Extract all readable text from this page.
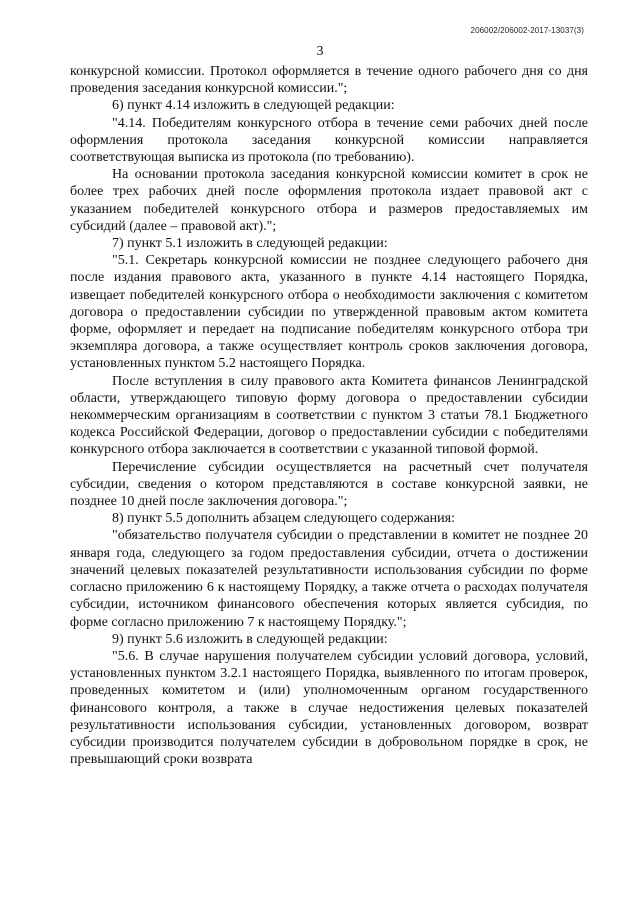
206002/206002-2017-13037(3)
3

конкурсной комиссии. Протокол оформляется в течение одного рабочего дня со дня проведения заседания конкурсной комиссии.";

6) пункт 4.14 изложить в следующей редакции:

"4.14. Победителям конкурсного отбора в течение семи рабочих дней после оформления протокола заседания конкурсной комиссии направляется соответствующая выписка из протокола (по требованию).

На основании протокола заседания конкурсной комиссии комитет в срок не более трех рабочих дней после оформления протокола издает правовой акт с указанием победителей конкурсного отбора и размеров предоставляемых им субсидий (далее – правовой акт).";

7) пункт 5.1 изложить в следующей редакции:

"5.1. Секретарь конкурсной комиссии не позднее следующего рабочего дня после издания правового акта, указанного в пункте 4.14 настоящего Порядка, извещает победителей конкурсного отбора о необходимости заключения с комитетом договора о предоставлении субсидии по утвержденной правовым актом комитета форме, оформляет и передает на подписание победителям конкурсного отбора три экземпляра договора, а также осуществляет контроль сроков заключения договора, установленных пунктом 5.2 настоящего Порядка.

После вступления в силу правового акта Комитета финансов Ленинградской области, утверждающего типовую форму договора о предоставлении субсидии некоммерческим организациям в соответствии с пунктом 3 статьи 78.1 Бюджетного кодекса Российской Федерации, договор о предоставлении субсидии с победителями конкурсного отбора заключается в соответствии с указанной типовой формой.

Перечисление субсидии осуществляется на расчетный счет получателя субсидии, сведения о котором представляются в составе конкурсной заявки, не позднее 10 дней после заключения договора.";

8) пункт 5.5 дополнить абзацем следующего содержания:

"обязательство получателя субсидии о представлении в комитет не позднее 20 января года, следующего за годом предоставления субсидии, отчета о достижении значений целевых показателей результативности использования субсидии по форме согласно приложению 6 к настоящему Порядку, а также отчета о расходах получателя субсидии, источником финансового обеспечения которых является субсидия, по форме согласно приложению 7 к настоящему Порядку.";

9) пункт 5.6 изложить в следующей редакции:

"5.6. В случае нарушения получателем субсидии условий договора, условий, установленных пунктом 3.2.1 настоящего Порядка, выявленного по итогам проверок, проведенных комитетом и (или) уполномоченным органом государственного финансового контроля, а также в случае недостижения целевых показателей результативности использования субсидии, установленных договором, возврат субсидии производится получателем субсидии в добровольном порядке в срок, не превышающий сроки возврата
